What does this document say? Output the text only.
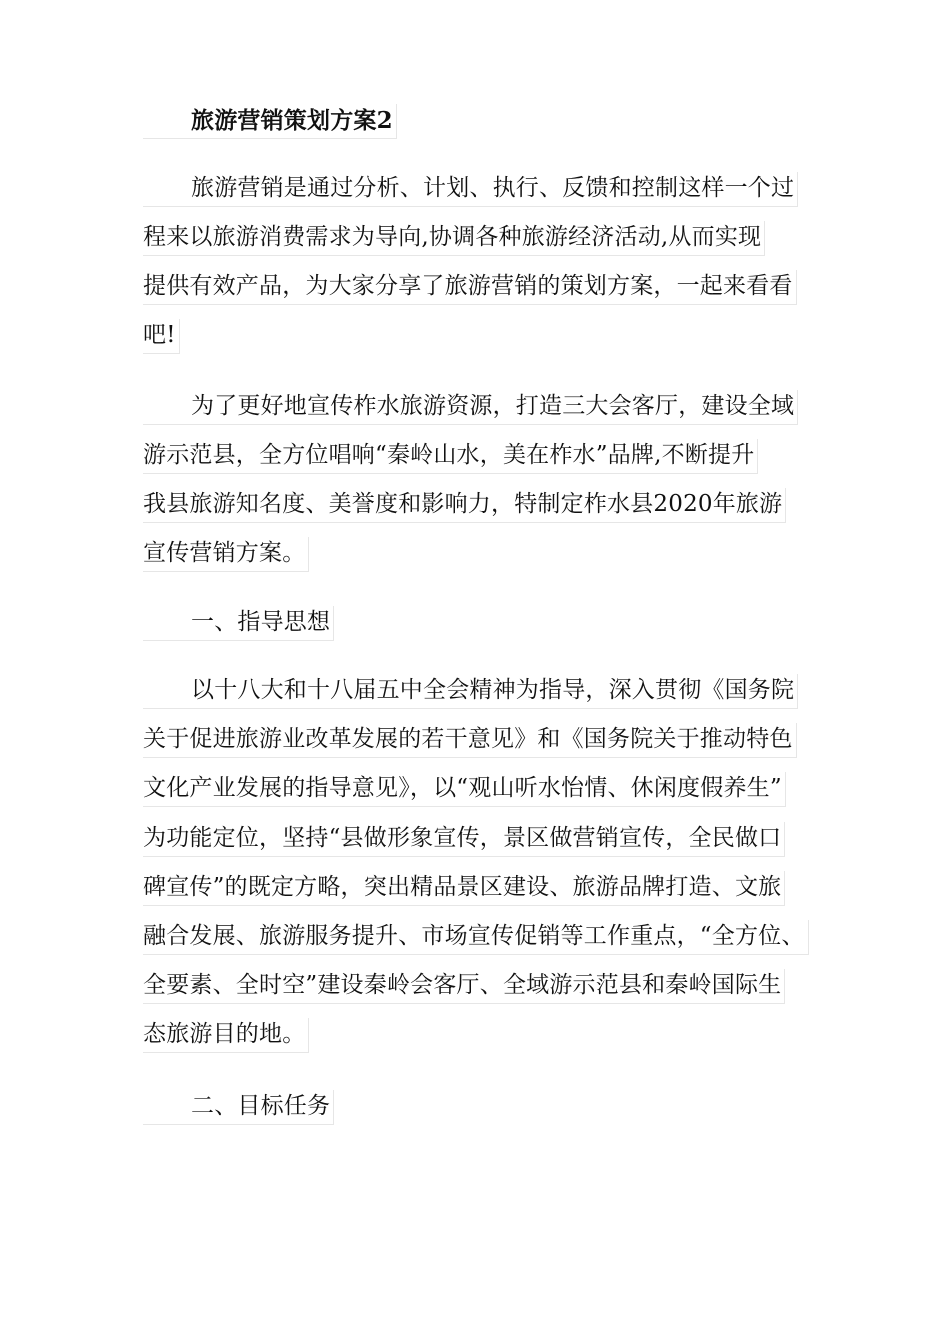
旅游营销策划方案2
旅游营销是通过分析、计划、执行、反馈和控制这样一个过
程来以旅游消费需求为导向,协调各种旅游经济活动,从而实现
提供有效产品，为大家分享了旅游营销的策划方案，一起来看看
吧!
为了更好地宣传柞水旅游资源，打造三大会客厅，建设全域
游示范县，全方位唱响“秦岭山水，美在柞水”品牌,不断提升
我县旅游知名度、美誉度和影响力，特制定柞水县2020年旅游
宣传营销方案。
一、指导思想
以十八大和十八届五中全会精神为指导，深入贯彻《国务院
关于促进旅游业改革发展的若干意见》和《国务院关于推动特色
文化产业发展的指导意见》，以“观山听水怡情、休闲度假养生”
为功能定位，坚持“县做形象宣传，景区做营销宣传，全民做口
碑宣传”的既定方略，突出精品景区建设、旅游品牌打造、文旅
融合发展、旅游服务提升、市场宣传促销等工作重点，“全方位、
全要素、全时空”建设秦岭会客厅、全域游示范县和秦岭国际生
态旅游目的地。
二、目标任务
